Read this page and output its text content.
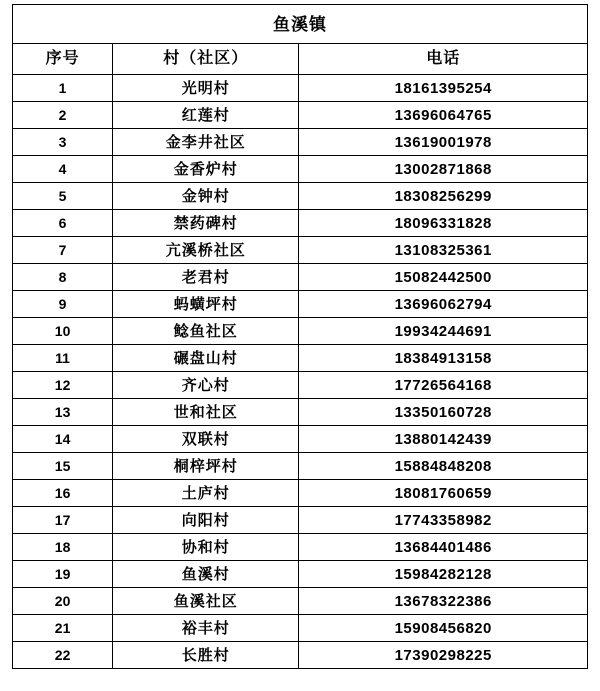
鱼溪镇		
序号	村（社区）	电话
1	光明村	18161395254
2	红莲村	13696064765
3	金李井社区	13619001978
4	金香炉村	13002871868
5	金钟村	18308256299
6	禁药碑村	18096331828
7	亢溪桥社区	13108325361
8	老君村	15082442500
9	蚂蟥坪村	13696062794
10	鲶鱼社区	19934244691
11	碾盘山村	18384913158
12	齐心村	17726564168
13	世和社区	13350160728
14	双联村	13880142439
15	桐梓坪村	15884848208
16	土庐村	18081760659
17	向阳村	17743358982
18	协和村	13684401486
19	鱼溪村	15984282128
20	鱼溪社区	13678322386
21	裕丰村	15908456820
22	长胜村	17390298225
